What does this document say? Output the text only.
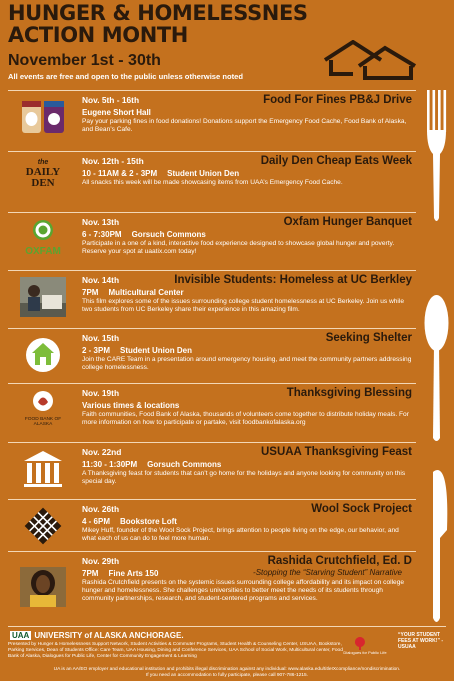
HUNGER & HOMELESSNES
ACTION MONTH
November 1st - 30th
All events are free and open to the public unless otherwise noted
Nov. 5th - 16th	Food For Fines PB&J Drive
Eugene Short Hall
Pay your parking fines in food donations! Donations support the Emergency Food Cache, Food Bank of Alaska, and Bean’s Cafe.
the
DAILY DEN
Nov. 12th - 15th	Daily Den Cheap Eats Week
10 - 11AM & 2 - 3PM Student Union Den
All snacks this week will be made showcasing items from UAA’s Emergency Food Cache.
OXFAM
Nov. 13th	Oxfam Hunger Banquet
6 - 7:30PM Gorsuch Commons
Participate in a one of a kind, interactive food experience designed to showcase global hunger and poverty. Reserve your spot at uaatix.com today!
Nov. 14th	Invisible Students: Homeless at UC Berkley
7PM Multicultural Center
This film explores some of the issues surrounding college student homelessness at UC Berkeley. Join us while two students from UC Berkeley share their experience in this amazing film.
Nov. 15th	Seeking Shelter
2 - 3PM Student Union Den
Join the CARE Team in a presentation around emergency housing, and meet the community partners addressing college homelessness.
FOOD BANK OF ALASKA
Nov. 19th	Thanksgiving Blessing
Various times & locations
Faith communities, Food Bank of Alaska, thousands of volunteers come together to distribute holiday meals. For more information on how to participate or partake, visit foodbankofalaska.org
Nov. 22nd	USUAA Thanksgiving Feast
11:30 - 1:30PM Gorsuch Commons
A Thanksgiving feast for students that can’t go home for the holidays and anyone looking for community on this special day.
Nov. 26th	Wool Sock Project
4 - 6PM Bookstore Loft
Mikey Huff, founder of the Wool Sock Project, brings attention to people living on the edge, our behavior, and what each of us can do to feel more human.
Nov. 29th	Rashida Crutchfield, Ed. D
-Stopping the “Starving Student” Narrative
7PM Fine Arts 150
Rashida Crutchfield presents on the systemic issues surrounding college affordability and its impact on college hunger and homelessness. She challenges universities to better meet the needs of its students through community partnerships, research, and student-centered programs and services.
UAA UNIVERSITY of ALASKA ANCHORAGE.
Presented by Hunger & Homelessness Support Network, Student Activities & Commuter Programs, Student Health & Counseling Center, USUAA, Bookstore, Parking Services, Dean of Students Office: Care Team, UAA Housing, Dining and Conference Services, UAA School of Social Work, Multicultural center, Food Bank of Alaska, Dialogues for Public Life, Center for Community Engagement & Learning
Dialogues for Public Life
“YOUR STUDENT FEES AT WORK!” -USUAA
UA is an AA/EO employer and educational institution and prohibits illegal discrimination against any individual: www.alaska.edu/titleIXcompliance/nondiscrimination.
If you need an accommodation to fully participate, please call 907-786-1215.
